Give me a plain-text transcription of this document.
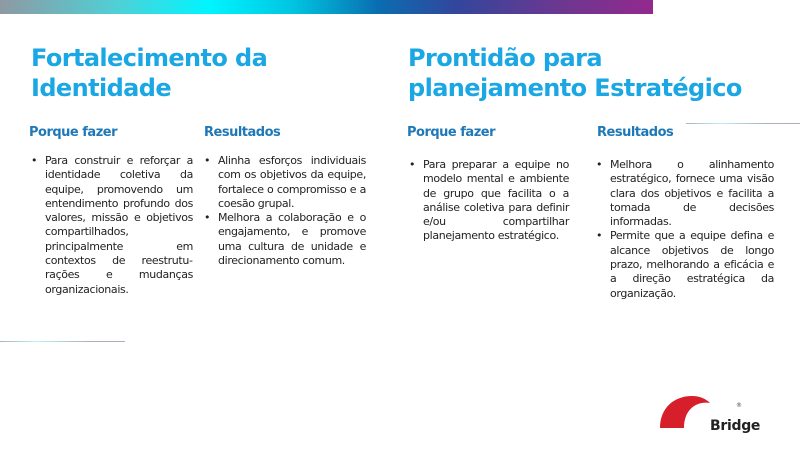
Fortalecimento da
Identidade
Porque fazer	Resultados
• Para construir e reforçar a identidade coletiva da equipe, promovendo um entendimento profundo dos valores, missão e objetivos compartilhados, principalmente em contextos de reestruturações e mudanças organizacionais.
• Alinha esforços individuais com os objetivos da equipe, fortalece o compromisso e a coesão grupal.
• Melhora a colaboração e o engajamento, e promove uma cultura de unidade e direcionamento comum.
Prontidão para
planejamento Estratégico
Porque fazer	Resultados
• Para preparar a equipe no modelo mental e ambiente de grupo que facilita o a análise coletiva para definir e/ou compartilhar planejamento estratégico.
• Melhora o alinhamento estratégico, fornece uma visão clara dos objetivos e facilita a tomada de decisões informadas.
• Permite que a equipe defina e alcance objetivos de longo prazo, melhorando a eficácia e a direção estratégica da organização.
Bridge
®
